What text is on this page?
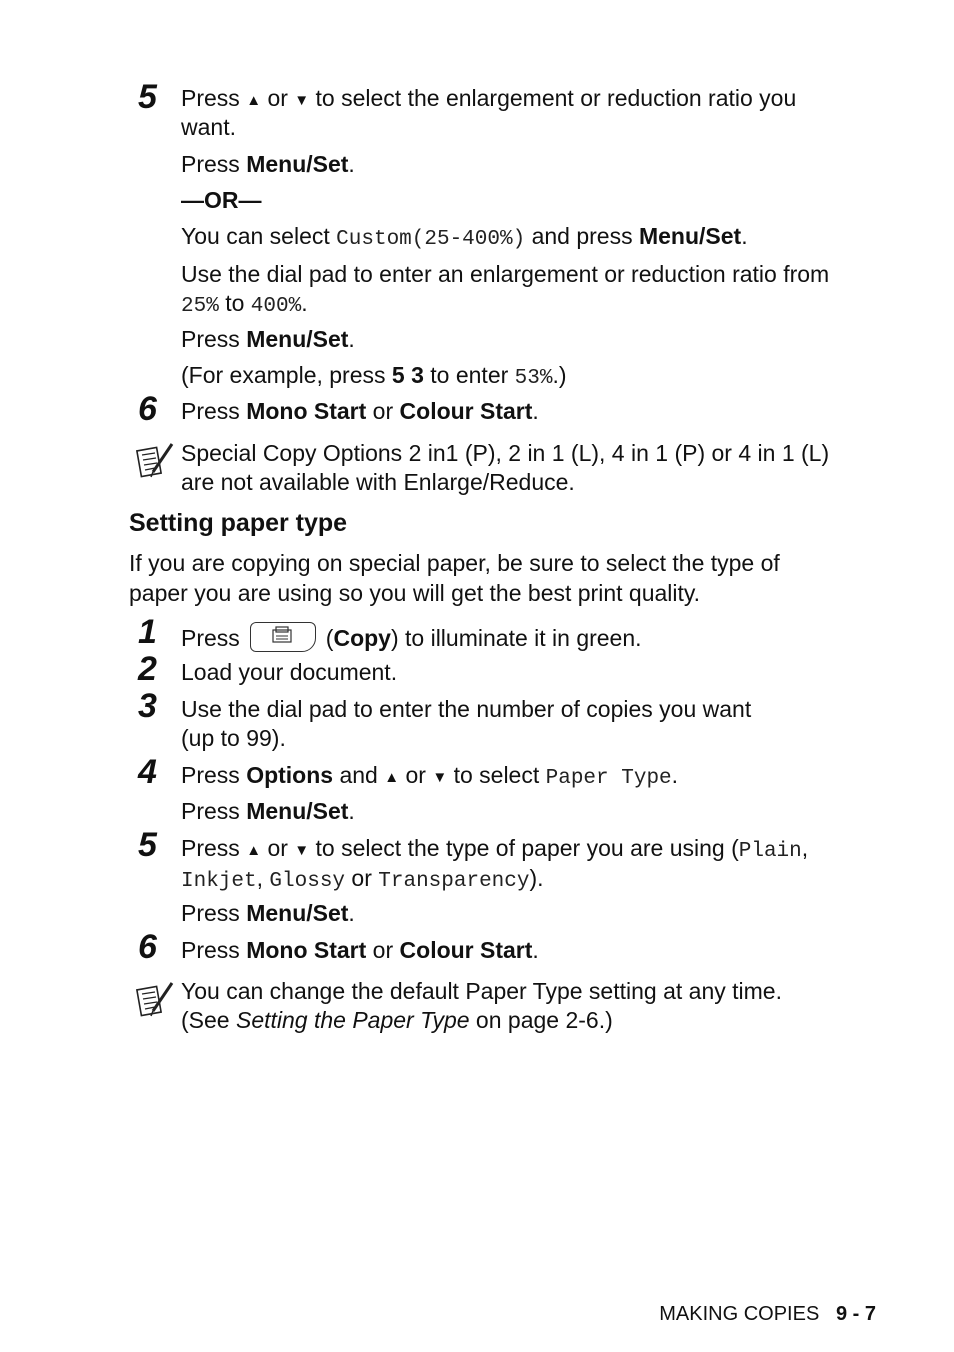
5 Press ▲ or ▼ to select the enlargement or reduction ratio you
want.
Press Menu/Set.
—OR—
You can select Custom(25-400%) and press Menu/Set.
Use the dial pad to enter an enlargement or reduction ratio from
25% to 400%.
Press Menu/Set.
(For example, press 5 3 to enter 53%.)
6 Press Mono Start or Colour Start.
Special Copy Options 2 in1 (P), 2 in 1 (L), 4 in 1 (P) or 4 in 1 (L)
are not available with Enlarge/Reduce.
Setting paper type
If you are copying on special paper, be sure to select the type of
paper you are using so you will get the best print quality.
1 Press	(Copy) to illuminate it in green.
2 Load your document.
3 Use the dial pad to enter the number of copies you want
(up to 99).
4 Press Options and ▲ or ▼ to select Paper Type.
Press Menu/Set.
5 Press ▲ or ▼ to select the type of paper you are using (Plain,
Inkjet, Glossy or Transparency).
Press Menu/Set.
6 Press Mono Start or Colour Start.
You can change the default Paper Type setting at any time.
(See Setting the Paper Type on page 2-6.)
MAKING COPIES 9 - 7
